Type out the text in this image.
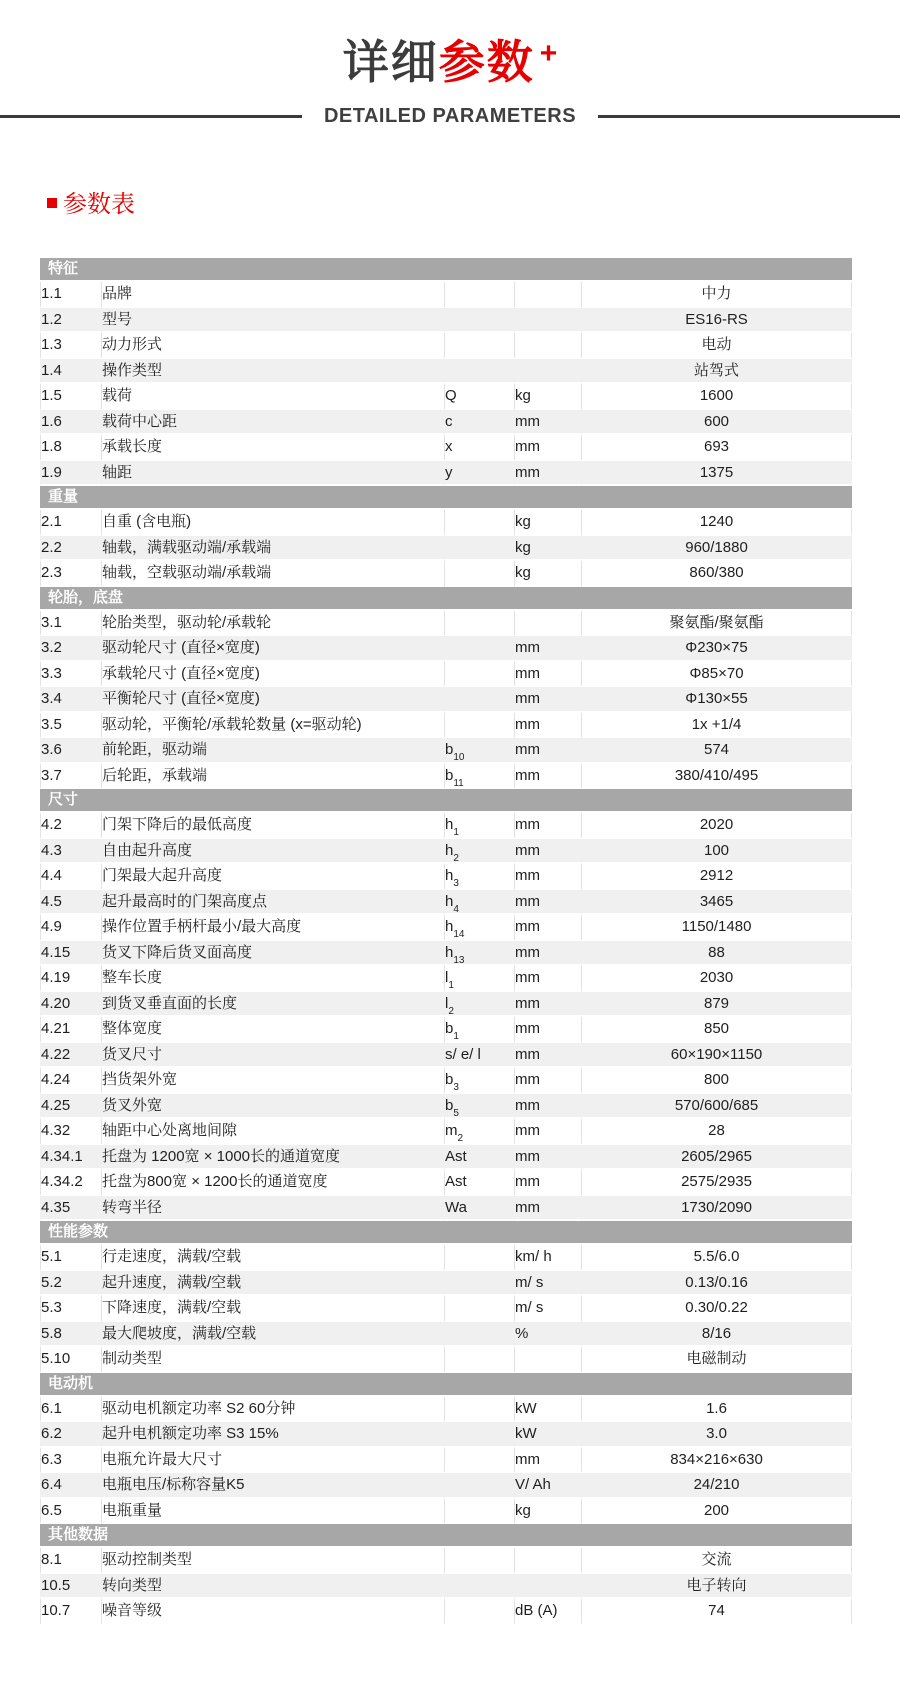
详细参数 +
DETAILED PARAMETERS
参数表
特征				
1.1	品牌			中力
1.2	型号			ES16-RS
1.3	动力形式			电动
1.4	操作类型			站驾式
1.5	载荷	Q	kg	1600
1.6	载荷中心距	c	mm	600
1.8	承载长度	x	mm	693
1.9	轴距	y	mm	1375
重量				
2.1	自重 (含电瓶)		kg	1240
2.2	轴载，满载驱动端/承载端		kg	960/1880
2.3	轴载，空载驱动端/承载端		kg	860/380
轮胎，底盘				
3.1	轮胎类型，驱动轮/承载轮			聚氨酯/聚氨酯
3.2	驱动轮尺寸 (直径×宽度)		mm	Φ230×75
3.3	承载轮尺寸 (直径×宽度)		mm	Φ85×70
3.4	平衡轮尺寸 (直径×宽度)		mm	Φ130×55
3.5	驱动轮，平衡轮/承载轮数量 (x=驱动轮)		mm	1x +1/4
3.6	前轮距，驱动端	$b_{10}$	mm	574
3.7	后轮距，承载端	$b_{11}$	mm	380/410/495
尺寸				
4.2	门架下降后的最低高度	$h_1$	mm	2020
4.3	自由起升高度	$h_2$	mm	100
4.4	门架最大起升高度	$h_3$	mm	2912
4.5	起升最高时的门架高度点	$h_4$	mm	3465
4.9	操作位置手柄杆最小/最大高度	$h_{14}$	mm	1150/1480
4.15	货叉下降后货叉面高度	$h_{13}$	mm	88
4.19	整车长度	$l_1$	mm	2030
4.20	到货叉垂直面的长度	$l_2$	mm	879
4.21	整体宽度	$b_1$	mm	850
4.22	货叉尺寸	s/ e/ l	mm	60×190×1150
4.24	挡货架外宽	$b_3$	mm	800
4.25	货叉外宽	$b_5$	mm	570/600/685
4.32	轴距中心处离地间隙	$m_2$	mm	28
4.34.1	托盘为 1200宽 × 1000长的通道宽度	Ast	mm	2605/2965
4.34.2	托盘为800宽 × 1200长的通道宽度	Ast	mm	2575/2935
4.35	转弯半径	Wa	mm	1730/2090
性能参数				
5.1	行走速度，满载/空载		km/ h	5.5/6.0
5.2	起升速度，满载/空载		m/ s	0.13/0.16
5.3	下降速度，满载/空载		m/ s	0.30/0.22
5.8	最大爬坡度，满载/空载		%	8/16
5.10	制动类型			电磁制动
电动机				
6.1	驱动电机额定功率 S2 60分钟		kW	1.6
6.2	起升电机额定功率 S3 15%		kW	3.0
6.3	电瓶允许最大尺寸		mm	834×216×630
6.4	电瓶电压/标称容量K5		V/ Ah	24/210
6.5	电瓶重量		kg	200
其他数据				
8.1	驱动控制类型			交流
10.5	转向类型			电子转向
10.7	噪音等级		dB (A)	74
